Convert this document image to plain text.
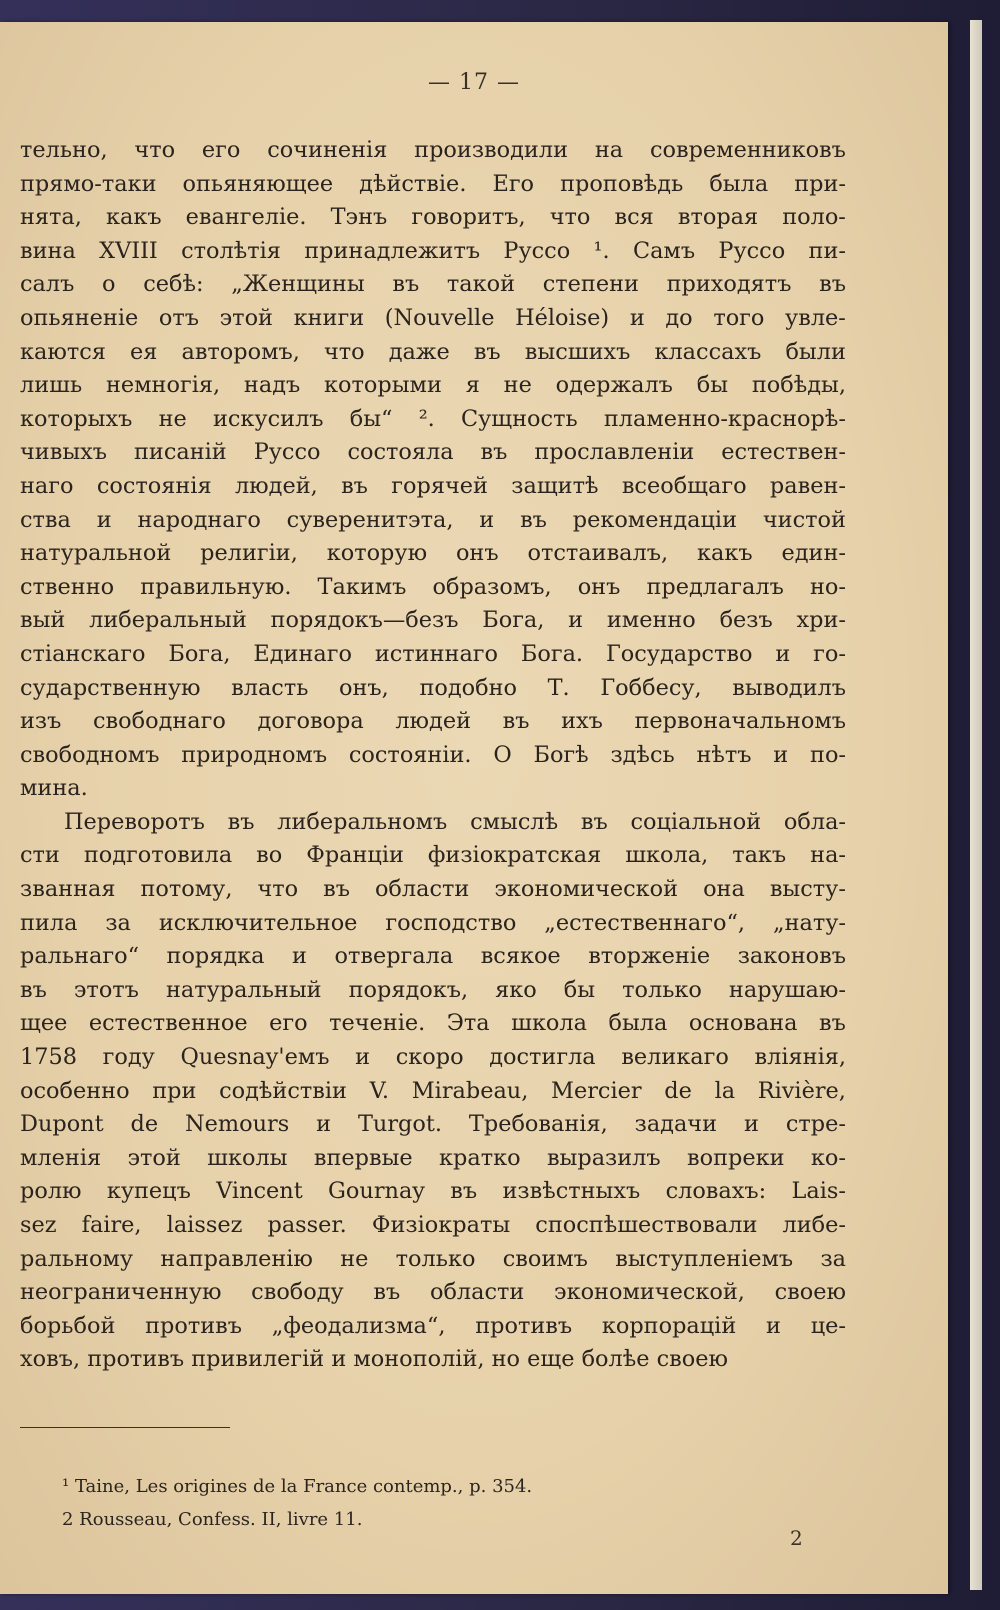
— 17 —
тельно, что его сочиненія производили на современниковъ
прямо-таки опьяняющее дѣйствіе. Его проповѣдь была при-
нята, какъ евангеліе. Тэнъ говоритъ, что вся вторая поло-
вина XVIII столѣтія принадлежитъ Руссо ¹. Самъ Руссо пи-
салъ о себѣ: „Женщины въ такой степени приходятъ въ
опьяненіе отъ этой книги (Nouvelle Héloise) и до того увле-
каются ея авторомъ, что даже въ высшихъ классахъ были
лишь немногія, надъ которыми я не одержалъ бы побѣды,
которыхъ не искусилъ бы“ ². Сущность пламенно-краснорѣ-
чивыхъ писаній Руссо состояла въ прославленіи естествен-
наго состоянія людей, въ горячей защитѣ всеобщаго равен-
ства и народнаго суверенитэта, и въ рекомендаціи чистой
натуральной религіи, которую онъ отстаивалъ, какъ един-
ственно правильную. Такимъ образомъ, онъ предлагалъ но-
вый либеральный порядокъ—безъ Бога, и именно безъ хри-
стіанскаго Бога, Единаго истиннаго Бога. Государство и го-
сударственную власть онъ, подобно Т. Гоббесу, выводилъ
изъ свободнаго договора людей въ ихъ первоначальномъ
свободномъ природномъ состояніи. О Богѣ здѣсь нѣтъ и по-
мина.
Переворотъ въ либеральномъ смыслѣ въ соціальной обла-
сти подготовила во Франціи физіократская школа, такъ на-
званная потому, что въ области экономической она высту-
пила за исключительное господство „естественнаго“, „нату-
ральнаго“ порядка и отвергала всякое вторженіе законовъ
въ этотъ натуральный порядокъ, яко бы только нарушаю-
щее естественное его теченіе. Эта школа была основана въ
1758 году Quesnay'емъ и скоро достигла великаго вліянія,
особенно при содѣйствіи V. Mirabeau, Mercier de la Rivière,
Dupont de Nemours и Turgot. Требованія, задачи и стре-
мленія этой школы впервые кратко выразилъ вопреки ко-
ролю купецъ Vincent Gournay въ извѣстныхъ словахъ: Lais-
sez faire, laissez passer. Физіократы споспѣшествовали либе-
ральному направленію не только своимъ выступленіемъ за
неограниченную свободу въ области экономической, своею
борьбой противъ „феодализма“, противъ корпорацій и це-
ховъ, противъ привилегій и монополій, но еще болѣе своею
¹ Taine, Les origines de la France contemp., p. 354.
2 Rousseau, Confess. II, livre 11.
2
